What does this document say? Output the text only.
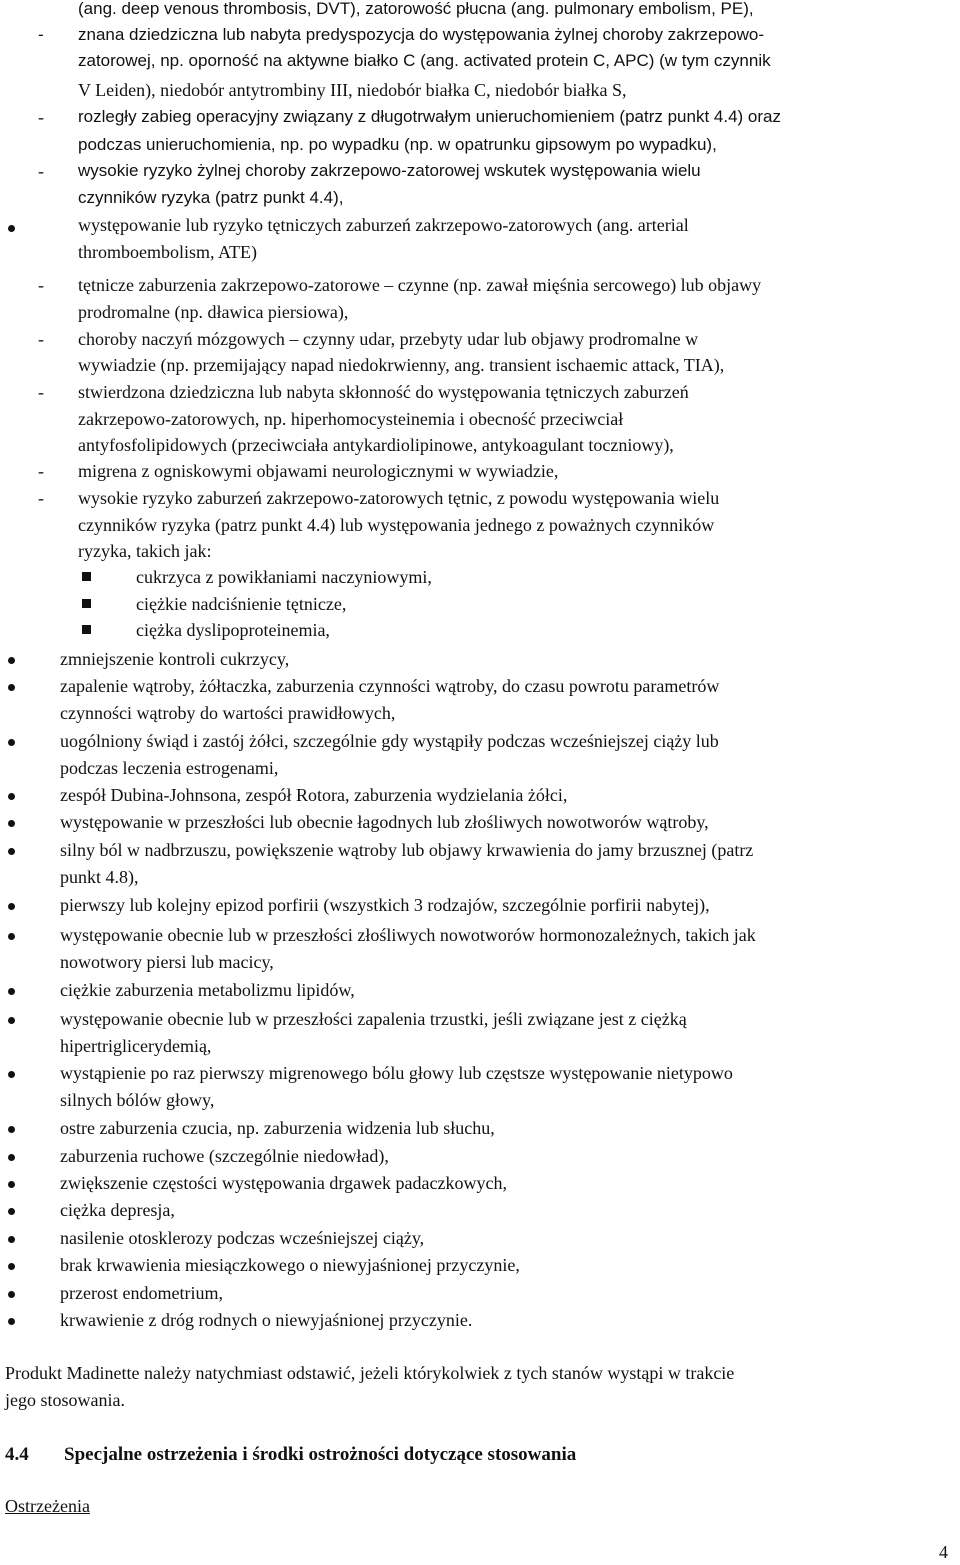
(ang. deep venous thrombosis, DVT), zatorowość płucna (ang. pulmonary embolism, PE),
- znana dziedziczna lub nabyta predyspozycja do występowania żylnej choroby zakrzepowo-
zatorowej, np. oporność na aktywne białko C (ang. activated protein C, APC) (w tym czynnik
V Leiden), niedobór antytrombiny III, niedobór białka C, niedobór białka S,
- rozległy zabieg operacyjny związany z długotrwałym unieruchomieniem (patrz punkt 4.4) oraz
podczas unieruchomienia, np. po wypadku (np. w opatrunku gipsowym po wypadku),
- wysokie ryzyko żylnej choroby zakrzepowo-zatorowej wskutek występowania wielu
czynników ryzyka (patrz punkt 4.4),
występowanie lub ryzyko tętniczych zaburzeń zakrzepowo-zatorowych (ang. arterial
thromboembolism, ATE)
- tętnicze zaburzenia zakrzepowo-zatorowe – czynne (np. zawał mięśnia sercowego) lub objawy
prodromalne (np. dławica piersiowa),
- choroby naczyń mózgowych – czynny udar, przebyty udar lub objawy prodromalne w
wywiadzie (np. przemijający napad niedokrwienny, ang. transient ischaemic attack, TIA),
- stwierdzona dziedziczna lub nabyta skłonność do występowania tętniczych zaburzeń
zakrzepowo-zatorowych, np. hiperhomocysteinemia i obecność przeciwciał
antyfosfolipidowych (przeciwciała antykardiolipinowe, antykoagulant toczniowy),
- migrena z ogniskowymi objawami neurologicznymi w wywiadzie,
- wysokie ryzyko zaburzeń zakrzepowo-zatorowych tętnic, z powodu występowania wielu
czynników ryzyka (patrz punkt 4.4) lub występowania jednego z poważnych czynników
ryzyka, takich jak:
cukrzyca z powikłaniami naczyniowymi,
ciężkie nadciśnienie tętnicze,
ciężka dyslipoproteinemia,
zmniejszenie kontroli cukrzycy,
zapalenie wątroby, żółtaczka, zaburzenia czynności wątroby, do czasu powrotu parametrów
czynności wątroby do wartości prawidłowych,
uogólniony świąd i zastój żółci, szczególnie gdy wystąpiły podczas wcześniejszej ciąży lub
podczas leczenia estrogenami,
zespół Dubina-Johnsona, zespół Rotora, zaburzenia wydzielania żółci,
występowanie w przeszłości lub obecnie łagodnych lub złośliwych nowotworów wątroby,
silny ból w nadbrzuszu, powiększenie wątroby lub objawy krwawienia do jamy brzusznej (patrz
punkt 4.8),
pierwszy lub kolejny epizod porfirii (wszystkich 3 rodzajów, szczególnie porfirii nabytej),
występowanie obecnie lub w przeszłości złośliwych nowotworów hormonozależnych, takich jak
nowotwory piersi lub macicy,
ciężkie zaburzenia metabolizmu lipidów,
występowanie obecnie lub w przeszłości zapalenia trzustki, jeśli związane jest z ciężką
hipertriglicerydemią,
wystąpienie po raz pierwszy migrenowego bólu głowy lub częstsze występowanie nietypowo
silnych bólów głowy,
ostre zaburzenia czucia, np. zaburzenia widzenia lub słuchu,
zaburzenia ruchowe (szczególnie niedowład),
zwiększenie częstości występowania drgawek padaczkowych,
ciężka depresja,
nasilenie otosklerozy podczas wcześniejszej ciąży,
brak krwawienia miesiączkowego o niewyjaśnionej przyczynie,
przerost endometrium,
krwawienie z dróg rodnych o niewyjaśnionej przyczynie.
Produkt Madinette należy natychmiast odstawić, jeżeli którykolwiek z tych stanów wystąpi w trakcie
jego stosowania.
4.4 Specjalne ostrzeżenia i środki ostrożności dotyczące stosowania
Ostrzeżenia
4
